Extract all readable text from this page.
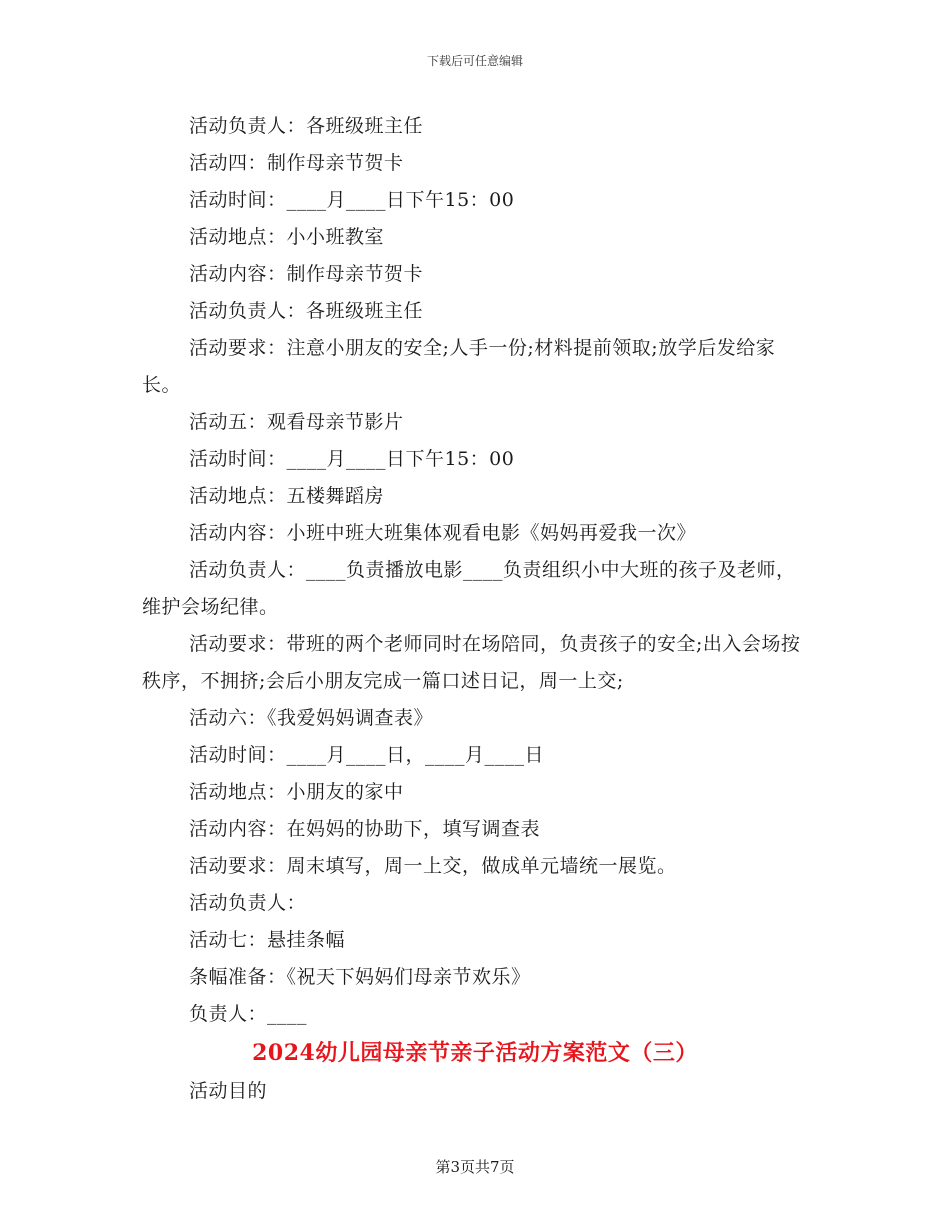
下载后可任意编辑

活动负责人：各班级班主任

活动四：制作母亲节贺卡

活动时间：____月____日下午15：00

活动地点：小小班教室

活动内容：制作母亲节贺卡

活动负责人：各班级班主任

活动要求：注意小朋友的安全;人手一份;材料提前领取;放学后发给家长。

活动五：观看母亲节影片

活动时间：____月____日下午15：00

活动地点：五楼舞蹈房

活动内容：小班中班大班集体观看电影《妈妈再爱我一次》

活动负责人：____负责播放电影____负责组织小中大班的孩子及老师，维护会场纪律。

活动要求：带班的两个老师同时在场陪同，负责孩子的安全;出入会场按秩序，不拥挤;会后小朋友完成一篇口述日记，周一上交;

活动六：《我爱妈妈调查表》

活动时间：____月____日，____月____日

活动地点：小朋友的家中

活动内容：在妈妈的协助下，填写调查表

活动要求：周末填写，周一上交，做成单元墙统一展览。

活动负责人：

活动七：悬挂条幅

条幅准备：《祝天下妈妈们母亲节欢乐》

负责人：____

2024幼儿园母亲节亲子活动方案范文（三）

活动目的

第3页共7页
